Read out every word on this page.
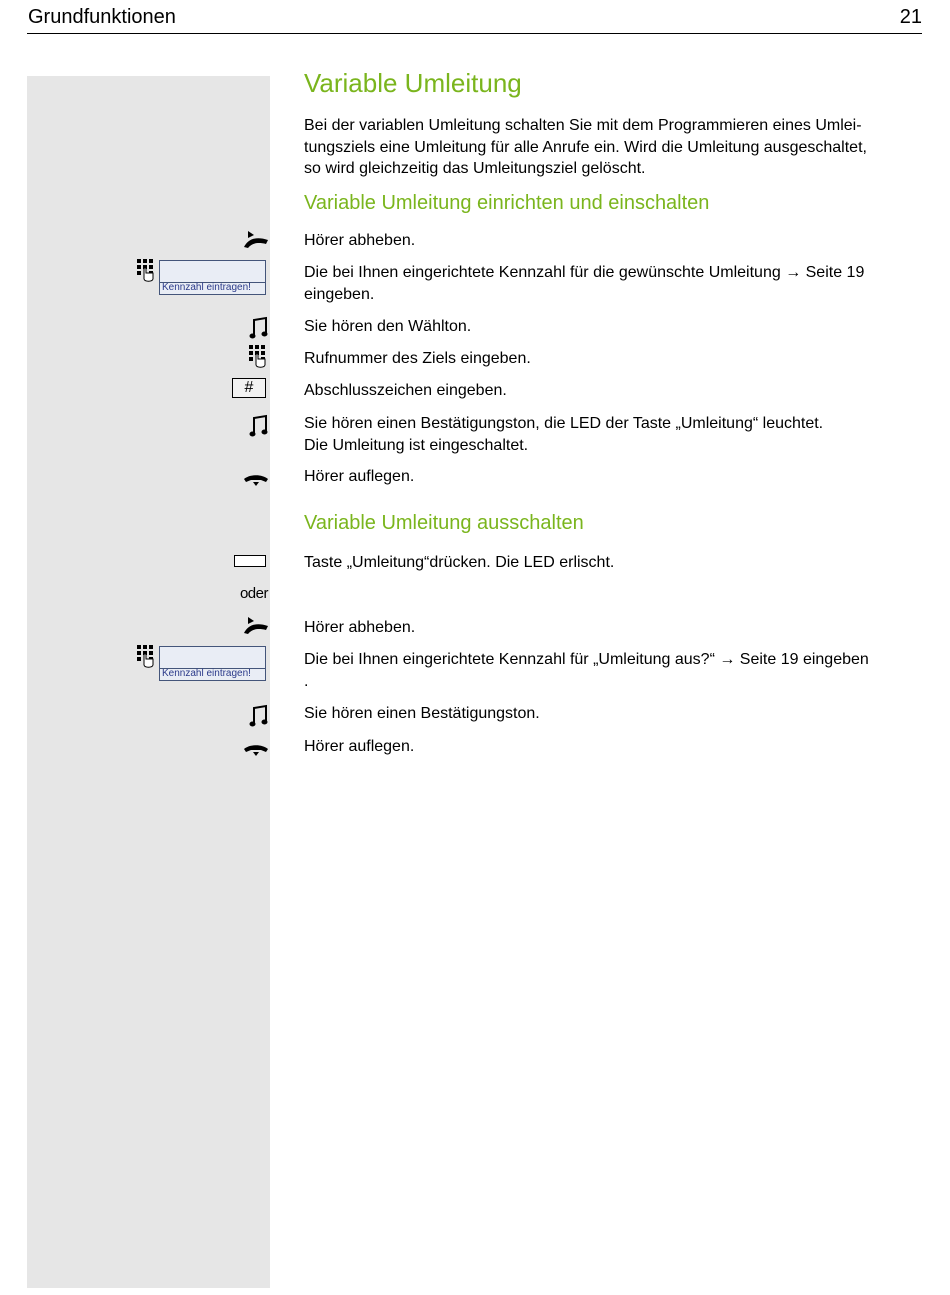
Grundfunktionen	21
Variable Umleitung
Bei der variablen Umleitung schalten Sie mit dem Programmieren eines Umlei-
tungsziels eine Umleitung für alle Anrufe ein. Wird die Umleitung ausgeschaltet,
so wird gleichzeitig das Umleitungsziel gelöscht.
Variable Umleitung einrichten und einschalten
Hörer abheben.
Kennzahl eintragen!
Die bei Ihnen eingerichtete Kennzahl für die gewünschte Umleitung → Seite 19
eingeben.
Sie hören den Wählton.
Rufnummer des Ziels eingeben.
#	Abschlusszeichen eingeben.
Sie hören einen Bestätigungston, die LED der Taste „Umleitung“ leuchtet.
Die Umleitung ist eingeschaltet.
Hörer auflegen.
Variable Umleitung ausschalten
Taste „Umleitung“drücken. Die LED erlischt.
oder
Hörer abheben.
Kennzahl eintragen!
Die bei Ihnen eingerichtete Kennzahl für „Umleitung aus?“ → Seite 19 eingeben
.
Sie hören einen Bestätigungston.
Hörer auflegen.
